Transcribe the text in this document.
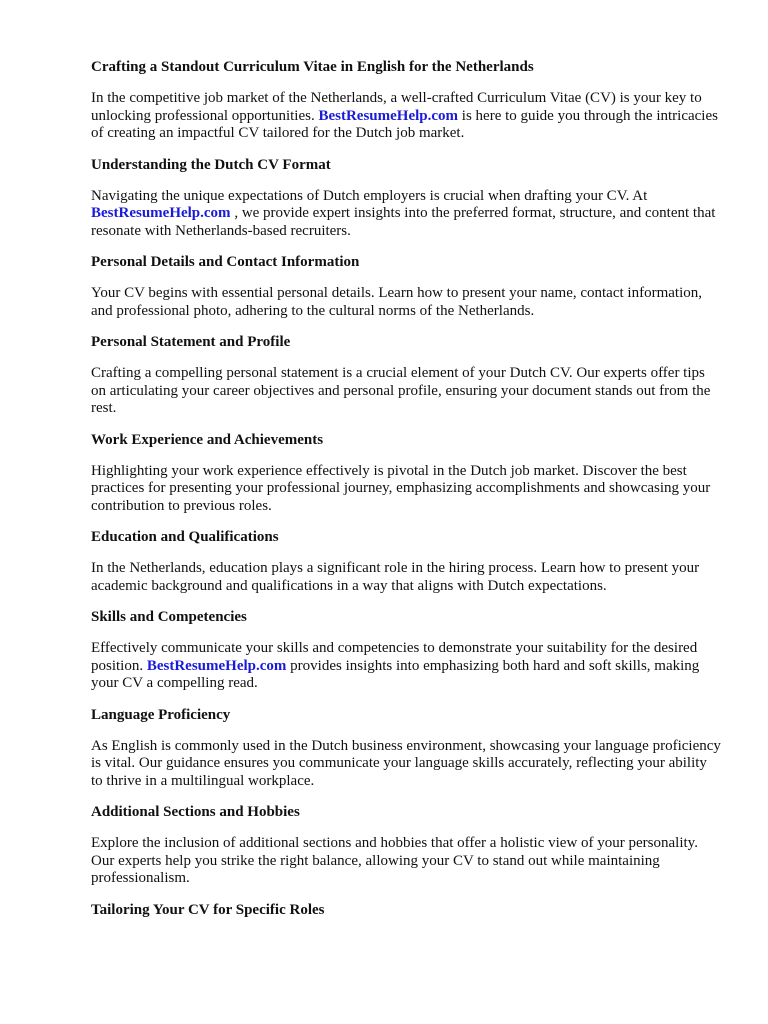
Crafting a Standout Curriculum Vitae in English for the Netherlands

In the competitive job market of the Netherlands, a well-crafted Curriculum Vitae (CV) is your key to unlocking professional opportunities. BestResumeHelp.com is here to guide you through the intricacies of creating an impactful CV tailored for the Dutch job market.

Understanding the Dutch CV Format

Navigating the unique expectations of Dutch employers is crucial when drafting your CV. At BestResumeHelp.com , we provide expert insights into the preferred format, structure, and content that resonate with Netherlands-based recruiters.

Personal Details and Contact Information

Your CV begins with essential personal details. Learn how to present your name, contact information, and professional photo, adhering to the cultural norms of the Netherlands.

Personal Statement and Profile

Crafting a compelling personal statement is a crucial element of your Dutch CV. Our experts offer tips on articulating your career objectives and personal profile, ensuring your document stands out from the rest.

Work Experience and Achievements

Highlighting your work experience effectively is pivotal in the Dutch job market. Discover the best practices for presenting your professional journey, emphasizing accomplishments and showcasing your contribution to previous roles.

Education and Qualifications

In the Netherlands, education plays a significant role in the hiring process. Learn how to present your academic background and qualifications in a way that aligns with Dutch expectations.

Skills and Competencies

Effectively communicate your skills and competencies to demonstrate your suitability for the desired position. BestResumeHelp.com provides insights into emphasizing both hard and soft skills, making your CV a compelling read.

Language Proficiency

As English is commonly used in the Dutch business environment, showcasing your language proficiency is vital. Our guidance ensures you communicate your language skills accurately, reflecting your ability to thrive in a multilingual workplace.

Additional Sections and Hobbies

Explore the inclusion of additional sections and hobbies that offer a holistic view of your personality. Our experts help you strike the right balance, allowing your CV to stand out while maintaining professionalism.

Tailoring Your CV for Specific Roles
